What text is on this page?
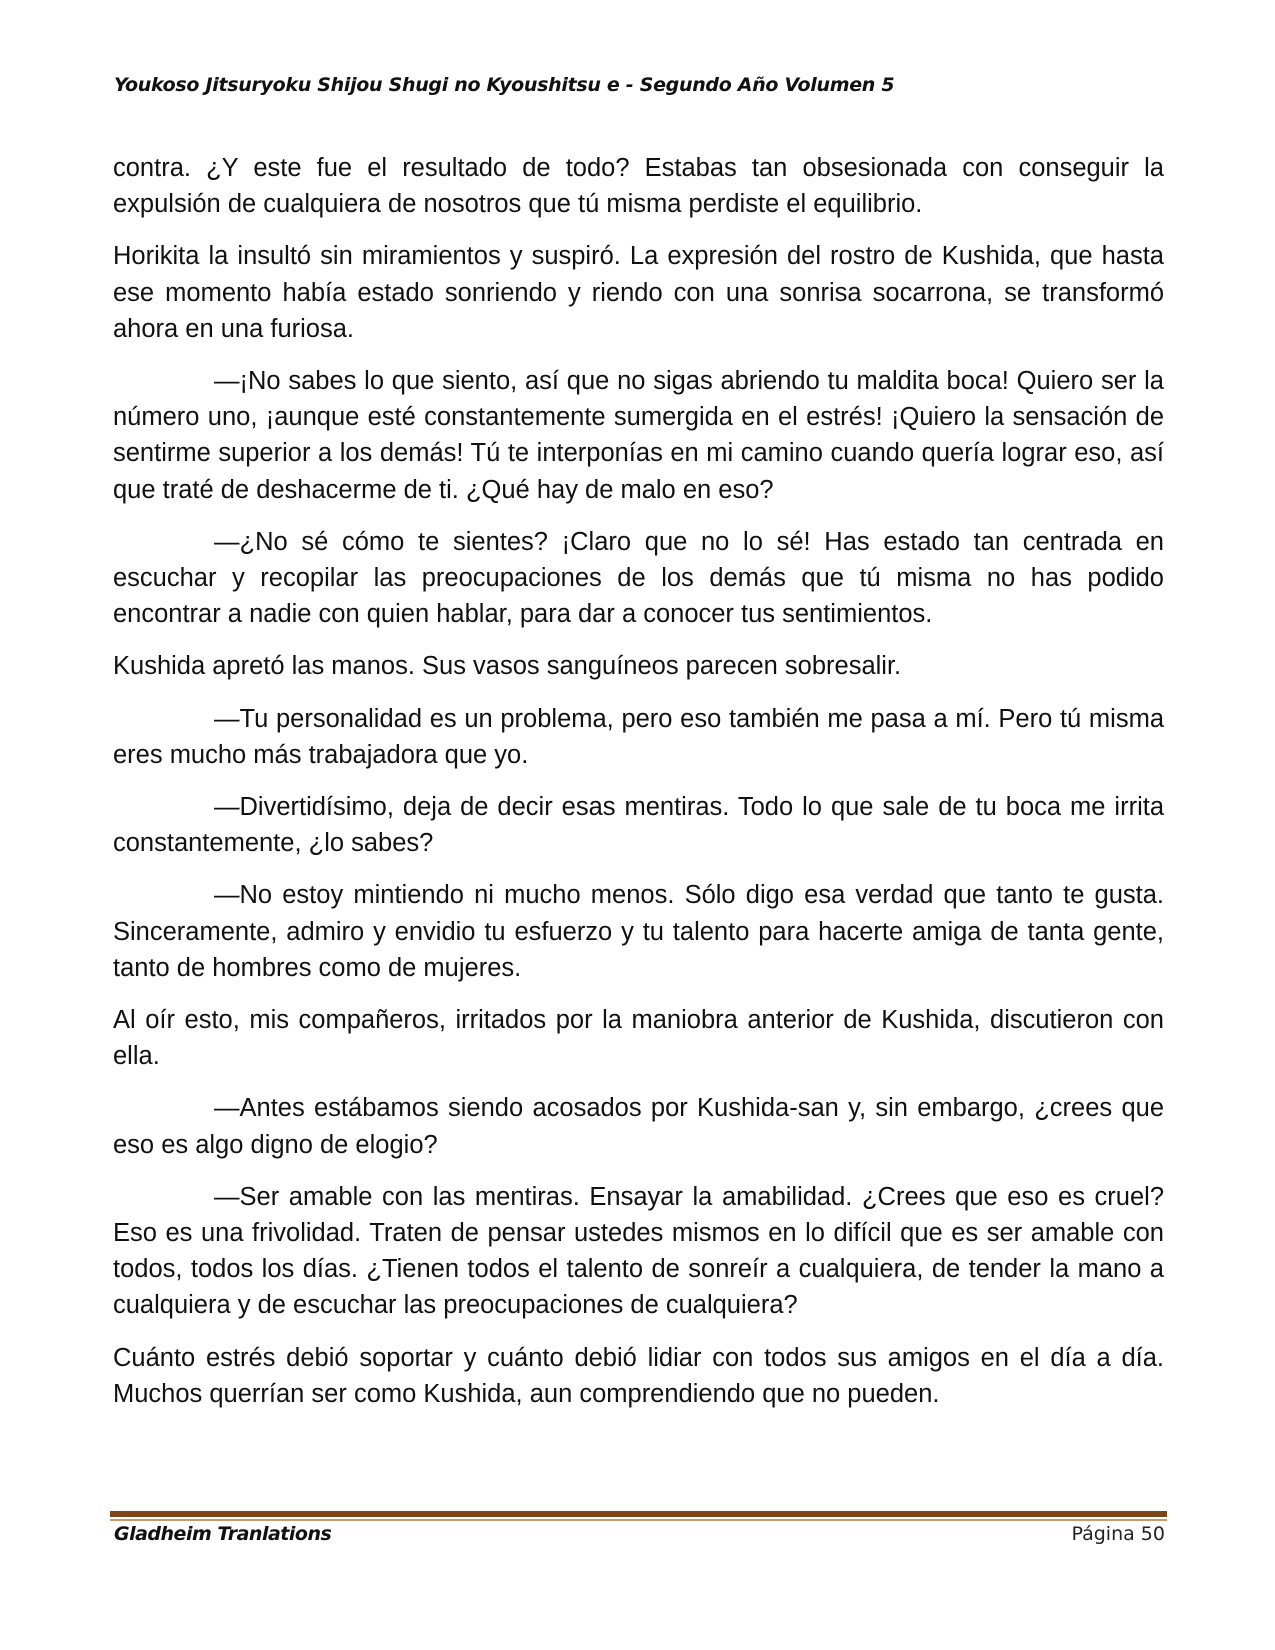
Youkoso Jitsuryoku Shijou Shugi no Kyoushitsu e - Segundo Año Volumen 5

contra. ¿Y este fue el resultado de todo? Estabas tan obsesionada con conseguir la expulsión de cualquiera de nosotros que tú misma perdiste el equilibrio.

Horikita la insultó sin miramientos y suspiró. La expresión del rostro de Kushida, que hasta ese momento había estado sonriendo y riendo con una sonrisa socarrona, se transformó ahora en una furiosa.

—¡No sabes lo que siento, así que no sigas abriendo tu maldita boca! Quiero ser la número uno, ¡aunque esté constantemente sumergida en el estrés! ¡Quiero la sensación de sentirme superior a los demás! Tú te interponías en mi camino cuando quería lograr eso, así que traté de deshacerme de ti. ¿Qué hay de malo en eso?

—¿No sé cómo te sientes? ¡Claro que no lo sé! Has estado tan centrada en escuchar y recopilar las preocupaciones de los demás que tú misma no has podido encontrar a nadie con quien hablar, para dar a conocer tus sentimientos.

Kushida apretó las manos. Sus vasos sanguíneos parecen sobresalir.

—Tu personalidad es un problema, pero eso también me pasa a mí. Pero tú misma eres mucho más trabajadora que yo.

—Divertidísimo, deja de decir esas mentiras. Todo lo que sale de tu boca me irrita constantemente, ¿lo sabes?

—No estoy mintiendo ni mucho menos. Sólo digo esa verdad que tanto te gusta. Sinceramente, admiro y envidio tu esfuerzo y tu talento para hacerte amiga de tanta gente, tanto de hombres como de mujeres.

Al oír esto, mis compañeros, irritados por la maniobra anterior de Kushida, discutieron con ella.

—Antes estábamos siendo acosados por Kushida-san y, sin embargo, ¿crees que eso es algo digno de elogio?

—Ser amable con las mentiras. Ensayar la amabilidad. ¿Crees que eso es cruel? Eso es una frivolidad. Traten de pensar ustedes mismos en lo difícil que es ser amable con todos, todos los días. ¿Tienen todos el talento de sonreír a cualquiera, de tender la mano a cualquiera y de escuchar las preocupaciones de cualquiera?

Cuánto estrés debió soportar y cuánto debió lidiar con todos sus amigos en el día a día. Muchos querrían ser como Kushida, aun comprendiendo que no pueden.

Gladheim Tranlations	Página 50
